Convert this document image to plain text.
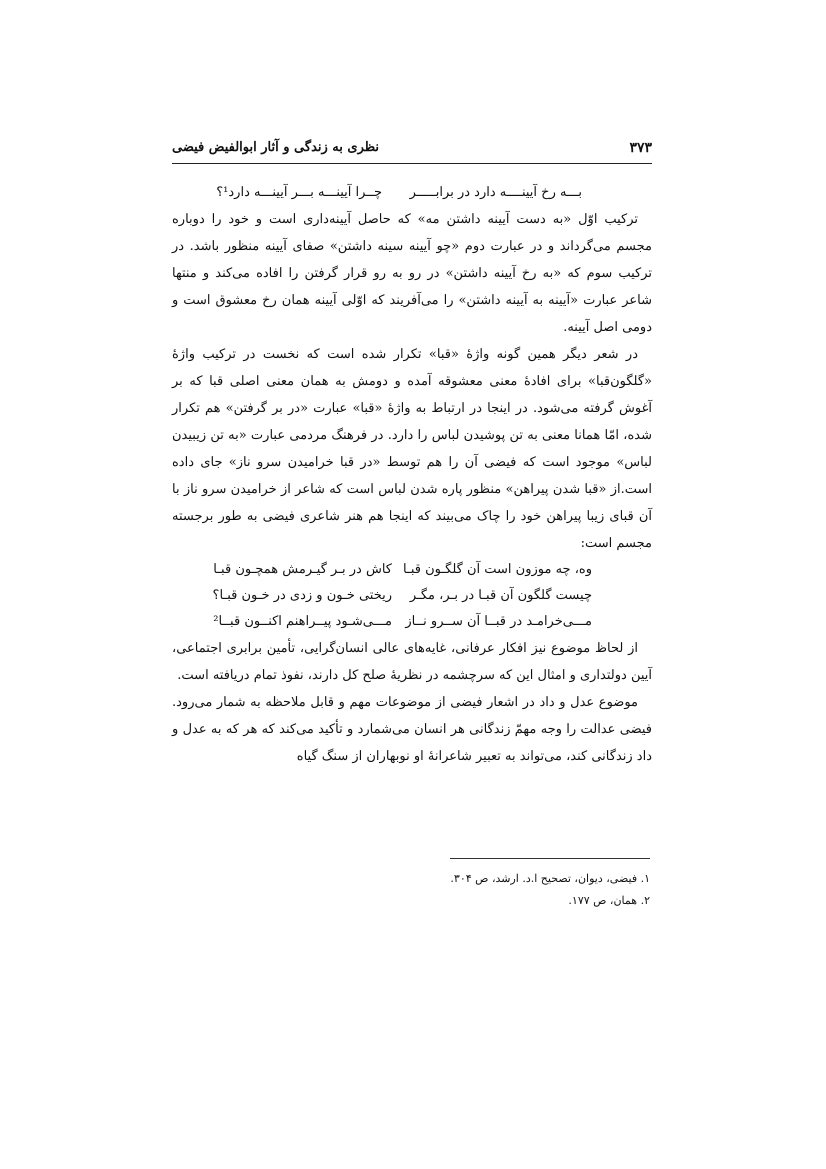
۳۷۳
نظری به زندگی و آثار ابوالفیض فیضی
بـــه رخ آیینــــه دارد در برابـــــر
چــرا آیینـــه بـــر آیینـــه دارد¹؟

ترکیب اوّل «به دست آیینه داشتن مه» که حاصل آیینه‌داری است و خود را دوباره مجسم می‌گرداند و در عبارت دوم «چو آیینه سینه داشتن» صفای آیینه منظور باشد. در ترکیب سوم که «به رخ آیینه داشتن» در رو به رو قرار گرفتن را افاده می‌کند و منتها شاعر عبارت «آیینه به آیینه داشتن» را می‌آفریند که اوّلی آیینه همان رخ معشوق است و دومی اصل آیینه.

در شعر دیگر همین گونه واژهٔ «قبا» تکرار شده است که نخست در ترکیب واژهٔ «گلگون‌قبا» برای افادهٔ معنی معشوقه آمده و دومش به همان معنی اصلی قبا که بر آغوش گرفته می‌شود. در اینجا در ارتباط به واژهٔ «قبا» عبارت «در بر گرفتن» هم تکرار شده، امّا همانا معنی به تن پوشیدن لباس را دارد. در فرهنگ مردمی عبارت «به تن زیبیدن لباس» موجود است که فیضی آن را هم توسط «در قبا خرامیدن سرو ناز» جای داده است.از «قبا شدن پیراهن» منظور پاره شدن لباس است که شاعر از خرامیدن سرو ناز با آن قبای زیبا پیراهن خود را چاک می‌بیند که اینجا هم هنر شاعری فیضی به طور برجسته مجسم است:

وه، چه موزون است آن گلگـون قبـا
کاش در بـر گیـرمش همچـون قبـا
چیست گلگون آن قبـا در بـر، مگـر
ریختی خـون و زدی در خـون قبـا؟
مـــی‌خرامـد در قبــا آن ســرو نــاز
مـــی‌شـود پیــراهنم اکنــون قبــا²

از لحاظ موضوع نیز افکار عرفانی، غایه‌های عالی انسان‌گرایی، تأمین برابری اجتماعی، آیین دولتداری و امثال این که سرچشمه در نظریهٔ صلح کل دارند، نفوذ تمام دریافته است.

موضوع عدل و داد در اشعار فیضی از موضوعات مهم و قابل ملاحظه به شمار می‌رود. فیضی عدالت را وجه مهمّ زندگانی هر انسان می‌شمارد و تأکید می‌کند که هر که به عدل و داد زندگانی کند، می‌تواند به تعبیر شاعرانهٔ او نوبهاران از سنگ گیاه

۱. فیضی، دیوان، تصحیح ا.د. ارشد، ص ۳۰۴.
۲. همان، ص ۱۷۷.
